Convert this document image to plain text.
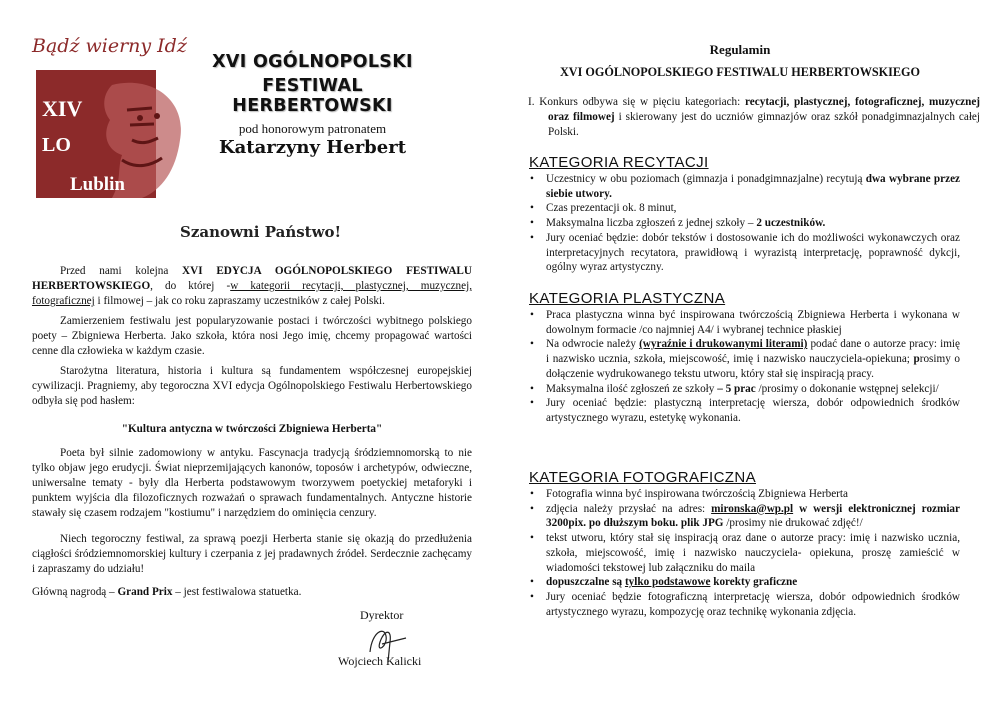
Bądź wierny Idź
XIV
LO
Lublin
XVI OGÓLNOPOLSKI
FESTIWAL HERBERTOWSKI
pod honorowym patronatem
Katarzyny Herbert
Szanowni Państwo!

Przed nami kolejna XVI EDYCJA OGÓLNOPOLSKIEGO FESTIWALU HERBERTOWSKIEGO, do której -w kategorii recytacji, plastycznej, muzycznej, fotograficznej i filmowej – jak co roku zapraszamy uczestników z całej Polski.

Zamierzeniem festiwalu jest popularyzowanie postaci i twórczości wybitnego polskiego poety – Zbigniewa Herberta. Jako szkoła, która nosi Jego imię, chcemy propagować wartości cenne dla człowieka w każdym czasie.

Starożytna literatura, historia i kultura są fundamentem współczesnej europejskiej cywilizacji. Pragniemy, aby tegoroczna XVI edycja Ogólnopolskiego Festiwalu Herbertowskiego odbyła się pod hasłem:

"Kultura antyczna w twórczości Zbigniewa Herberta"

Poeta był silnie zadomowiony w antyku. Fascynacja tradycją śródziemnomorską to nie tylko objaw jego erudycji. Świat nieprzemijających kanonów, toposów i archetypów, odwieczne, uniwersalne tematy - były dla Herberta podstawowym tworzywem poetyckiej metaforyki i punktem wyjścia dla filozoficznych rozważań o sprawach fundamentalnych. Antyczne historie stawały się czasem rodzajem "kostiumu" i narzędziem do ominięcia cenzury.

Niech tegoroczny festiwal, za sprawą poezji Herberta stanie się okazją do przedłużenia ciągłości śródziemnomorskiej kultury i czerpania z jej pradawnych źródeł. Serdecznie zachęcamy i zapraszamy do udziału!

Główną nagrodą – Grand Prix – jest festiwalowa statuetka.

Dyrektor
Wojciech Kalicki
Regulamin
XVI OGÓLNOPOLSKIEGO FESTIWALU HERBERTOWSKIEGO

I. Konkurs odbywa się w pięciu kategoriach: recytacji, plastycznej, fotograficznej, muzycznej oraz filmowej i skierowany jest do uczniów gimnazjów oraz szkół ponadgimnazjalnych całej Polski.

KATEGORIA RECYTACJI
• Uczestnicy w obu poziomach (gimnazja i ponadgimnazjalne) recytują dwa wybrane przez siebie utwory.
• Czas prezentacji ok. 8 minut,
• Maksymalna liczba zgłoszeń z jednej szkoły – 2 uczestników.
• Jury oceniać będzie: dobór tekstów i dostosowanie ich do możliwości wykonawczych oraz interpretacyjnych recytatora, prawidłową i wyrazistą interpretację, poprawność dykcji, ogólny wyraz artystyczny.
KATEGORIA PLASTYCZNA
• Praca plastyczna winna być inspirowana twórczością Zbigniewa Herberta i wykonana w dowolnym formacie /co najmniej A4/ i wybranej technice płaskiej
• Na odwrocie należy (wyraźnie i drukowanymi literami) podać dane o autorze pracy: imię i nazwisko ucznia, szkoła, miejscowość, imię i nazwisko nauczyciela-opiekuna; prosimy o dołączenie wydrukowanego tekstu utworu, który stał się inspiracją pracy.
• Maksymalna ilość zgłoszeń ze szkoły – 5 prac /prosimy o dokonanie wstępnej selekcji/
• Jury oceniać będzie: plastyczną interpretację wiersza, dobór odpowiednich środków artystycznego wyrazu, estetykę wykonania.
KATEGORIA FOTOGRAFICZNA
• Fotografia winna być inspirowana twórczością Zbigniewa Herberta
• zdjęcia należy przysłać na adres: mironska@wp.pl w wersji elektronicznej rozmiar 3200pix. po dłuższym boku. plik JPG /prosimy nie drukować zdjęć!/
• tekst utworu, który stał się inspiracją oraz dane o autorze pracy: imię i nazwisko ucznia, szkoła, miejscowość, imię i nazwisko nauczyciela- opiekuna, proszę zamieścić w wiadomości tekstowej lub załączniku do maila
• dopuszczalne są tylko podstawowe korekty graficzne
• Jury oceniać będzie fotograficzną interpretację wiersza, dobór odpowiednich środków artystycznego wyrazu, kompozycję oraz technikę wykonania zdjęcia.
